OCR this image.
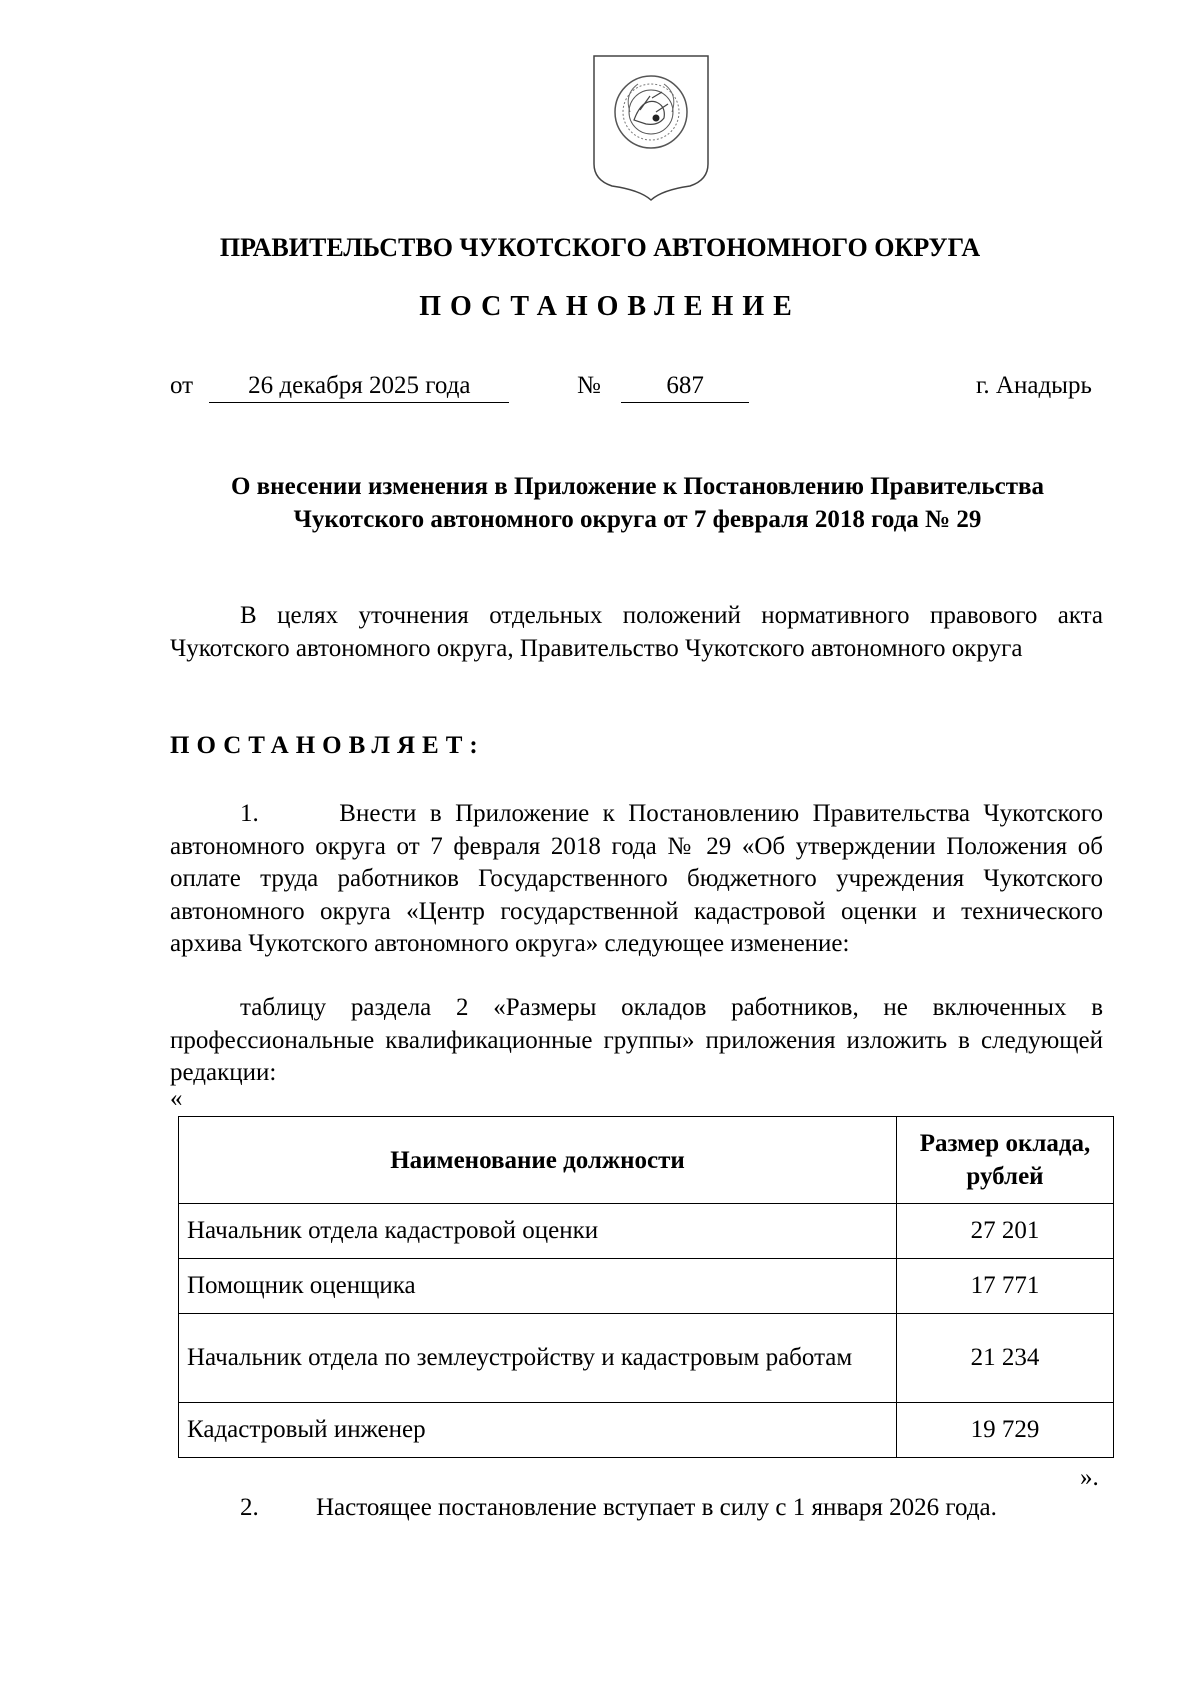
ПРАВИТЕЛЬСТВО ЧУКОТСКОГО АВТОНОМНОГО ОКРУГА
ПОСТАНОВЛЕНИЕ
от 26 декабря 2025 года	№	687	г. Анадырь
О внесении изменения в Приложение к Постановлению Правительства Чукотского автономного округа от 7 февраля 2018 года № 29
В целях уточнения отдельных положений нормативного правового акта Чукотского автономного округа, Правительство Чукотского автономного округа
ПОСТАНОВЛЯЕТ:
1.      Внести в Приложение к Постановлению Правительства Чукотского автономного округа от 7 февраля 2018 года № 29 «Об утверждении Положения об оплате труда работников Государственного бюджетного учреждения Чукотского автономного округа «Центр государственной кадастровой оценки и технического архива Чукотского автономного округа» следующее изменение:
таблицу раздела 2 «Размеры окладов работников, не включенных в профессиональные квалификационные группы» приложения изложить в следующей редакции:
«
Наименование должности	Размер оклада, рублей
Начальник отдела кадастровой оценки	27 201
Помощник оценщика	17 771
Начальник отдела по землеустройству и кадастровым работам	21 234
Кадастровый инженер	19 729
».
2. Настоящее постановление вступает в силу с 1 января 2026 года.
